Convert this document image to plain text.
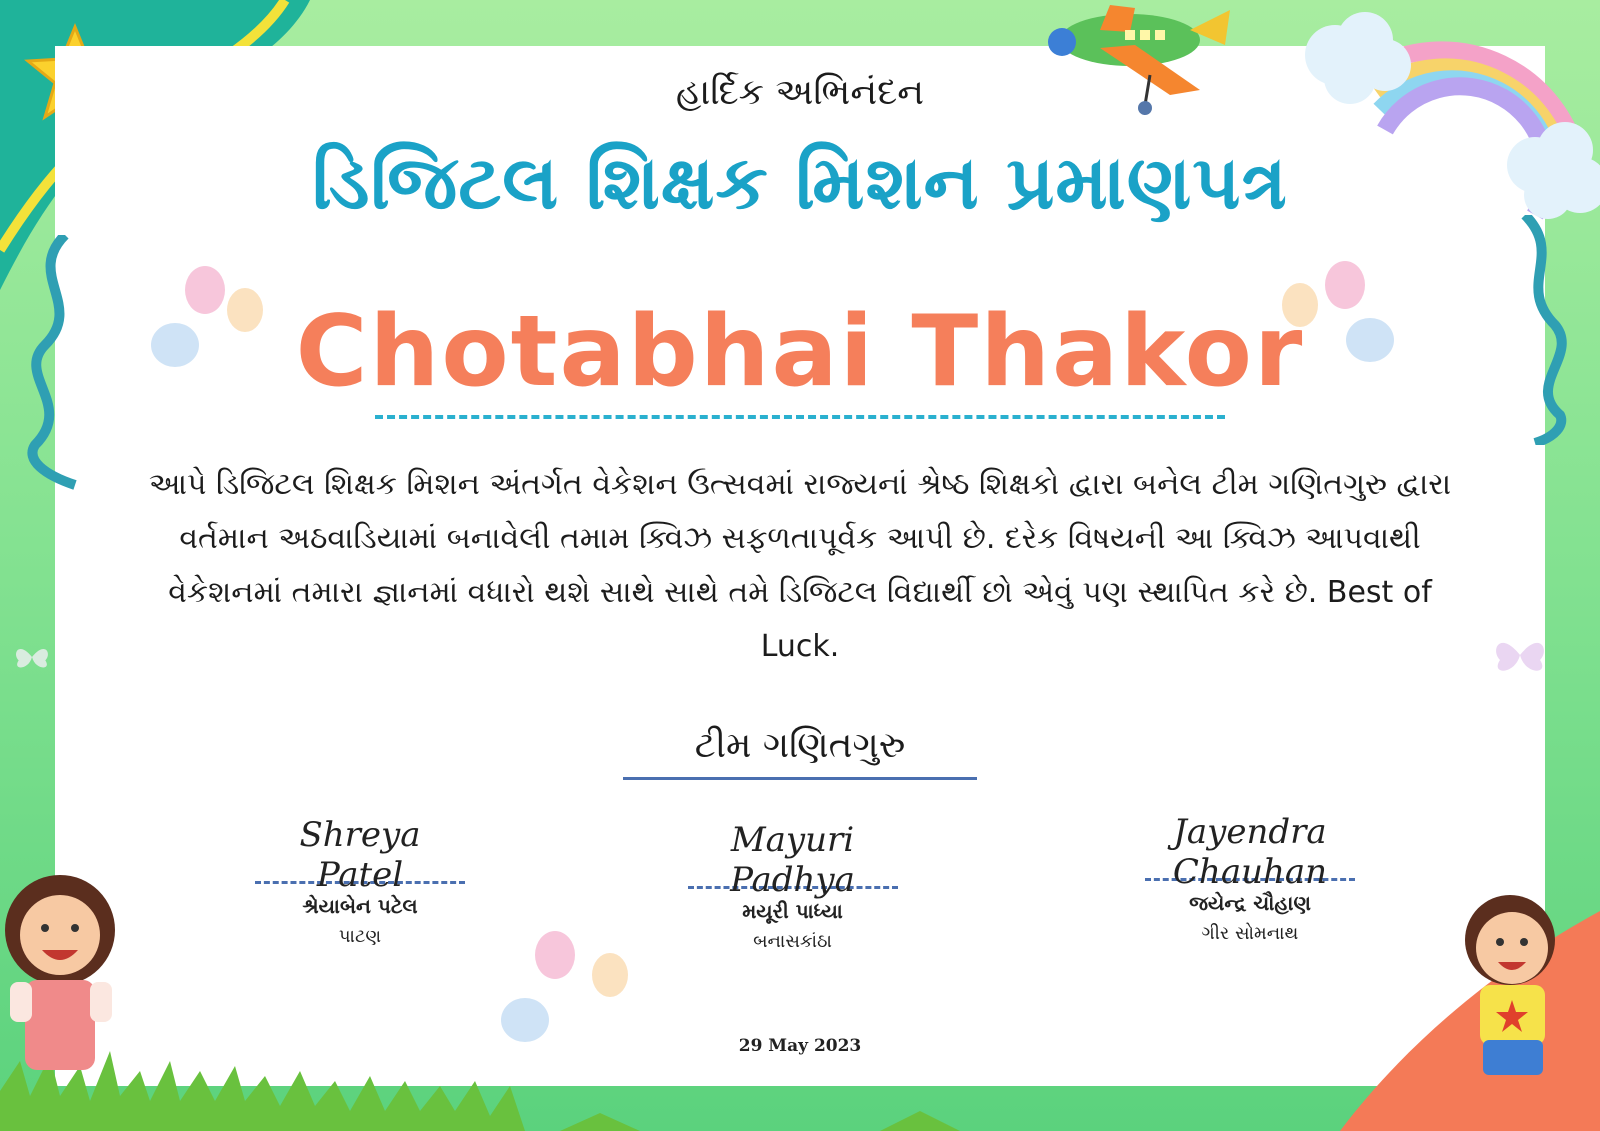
હાર્દિક અભિનંદન
ડિજિટલ શિક્ષક મિશન પ્રમાણપત્ર
Chotabhai Thakor
આપે ડિજિટલ શિક્ષક મિશન અંતર્ગત વેકેશન ઉત્સવમાં રાજ્યનાં શ્રેષ્ઠ શિક્ષકો દ્વારા બનેલ ટીમ ગણિતગુરુ દ્વારા વર્તમાન અઠવાડિયામાં બનાવેલી તમામ ક્વિઝ સફળતાપૂર્વક આપી છે. દરેક વિષયની આ ક્વિઝ આપવાથી વેકેશનમાં તમારા જ્ઞાનમાં વધારો થશે સાથે સાથે તમે ડિજિટલ વિદ્યાર્થી છો એવું પણ સ્થાપિત કરે છે. Best of Luck.
ટીમ ગણિતગુરુ
Shreya Patel
શ્રેયાબેન પટેલ
પાટણ
Mayuri Padhya
મયૂરી પાધ્યા
બનાસકાંઠા
Jayendra Chauhan
જયેન્દ્ર ચૌહાણ
ગીર સોમનાથ
29 May 2023
